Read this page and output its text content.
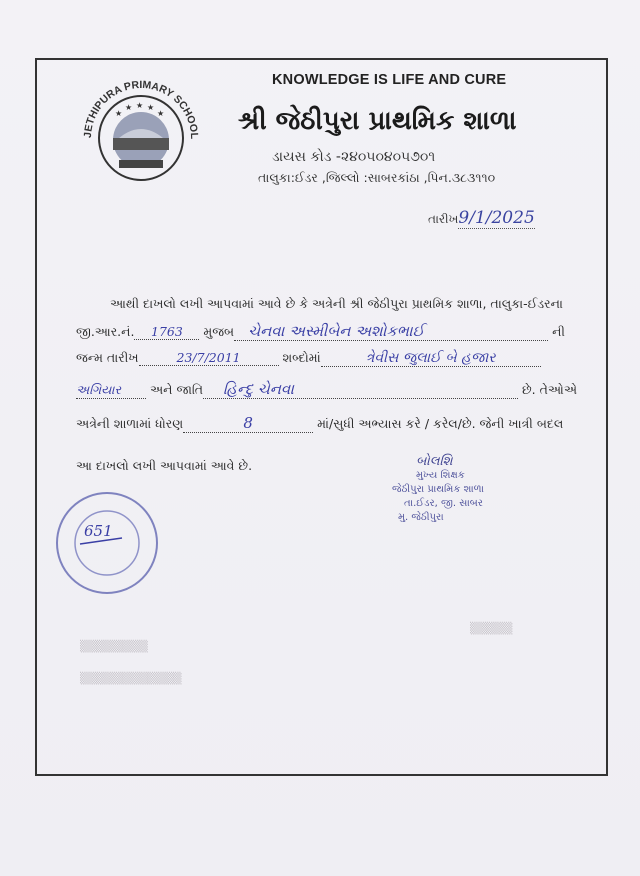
JETHIPURA PRIMARY SCHOOL
★
★ ★ ★
★
KNOWLEDGE IS LIFE AND CURE
શ્રી જેઠીપુરા પ્રાથમિક શાળા
ડાયસ કોડ -૨૪૦૫૦૪૦૫૭૦૧
તાલુકા:ઈડર ,જિલ્લો :સાબરકાંઠા ,પિન.૩૮૩૧૧૦
તારીખ9/1/2025
આથી દાખલો લખી આપવામાં આવે છે કે અત્રેની શ્રી જેઠીપુરા પ્રાથમિક શાળા, તાલુકા-ઈડરના
જી.આર.નં. 1763 મુજબ ચેનવા અસ્મીબેન અશોકભાઈ	ની
જન્મ તારીખ	23/7/2011	શબ્દોમાં	ત્રેવીસ જુલાઈ બે હજાર
અગિયાર અને જાતિ હિન્દુ ચેનવા	છે. તેઓએ
અત્રેની શાળામાં ધોરણ	8	માં/સુધી અભ્યાસ કરે / કરેલ/છે. જેની ખાત્રી બદલ
આ દાખલો લખી આપવામાં આવે છે.	બોલશિ
મુખ્ય શિક્ષક
જેઠીપુરા પ્રાથમિક શાળા
તા.ઈડર, જી. સાબર
મુ. જેઠીપુરા
651
▒▒▒▒▒▒▒▒
▒▒▒▒▒▒▒▒▒▒▒▒
▒▒▒▒▒
